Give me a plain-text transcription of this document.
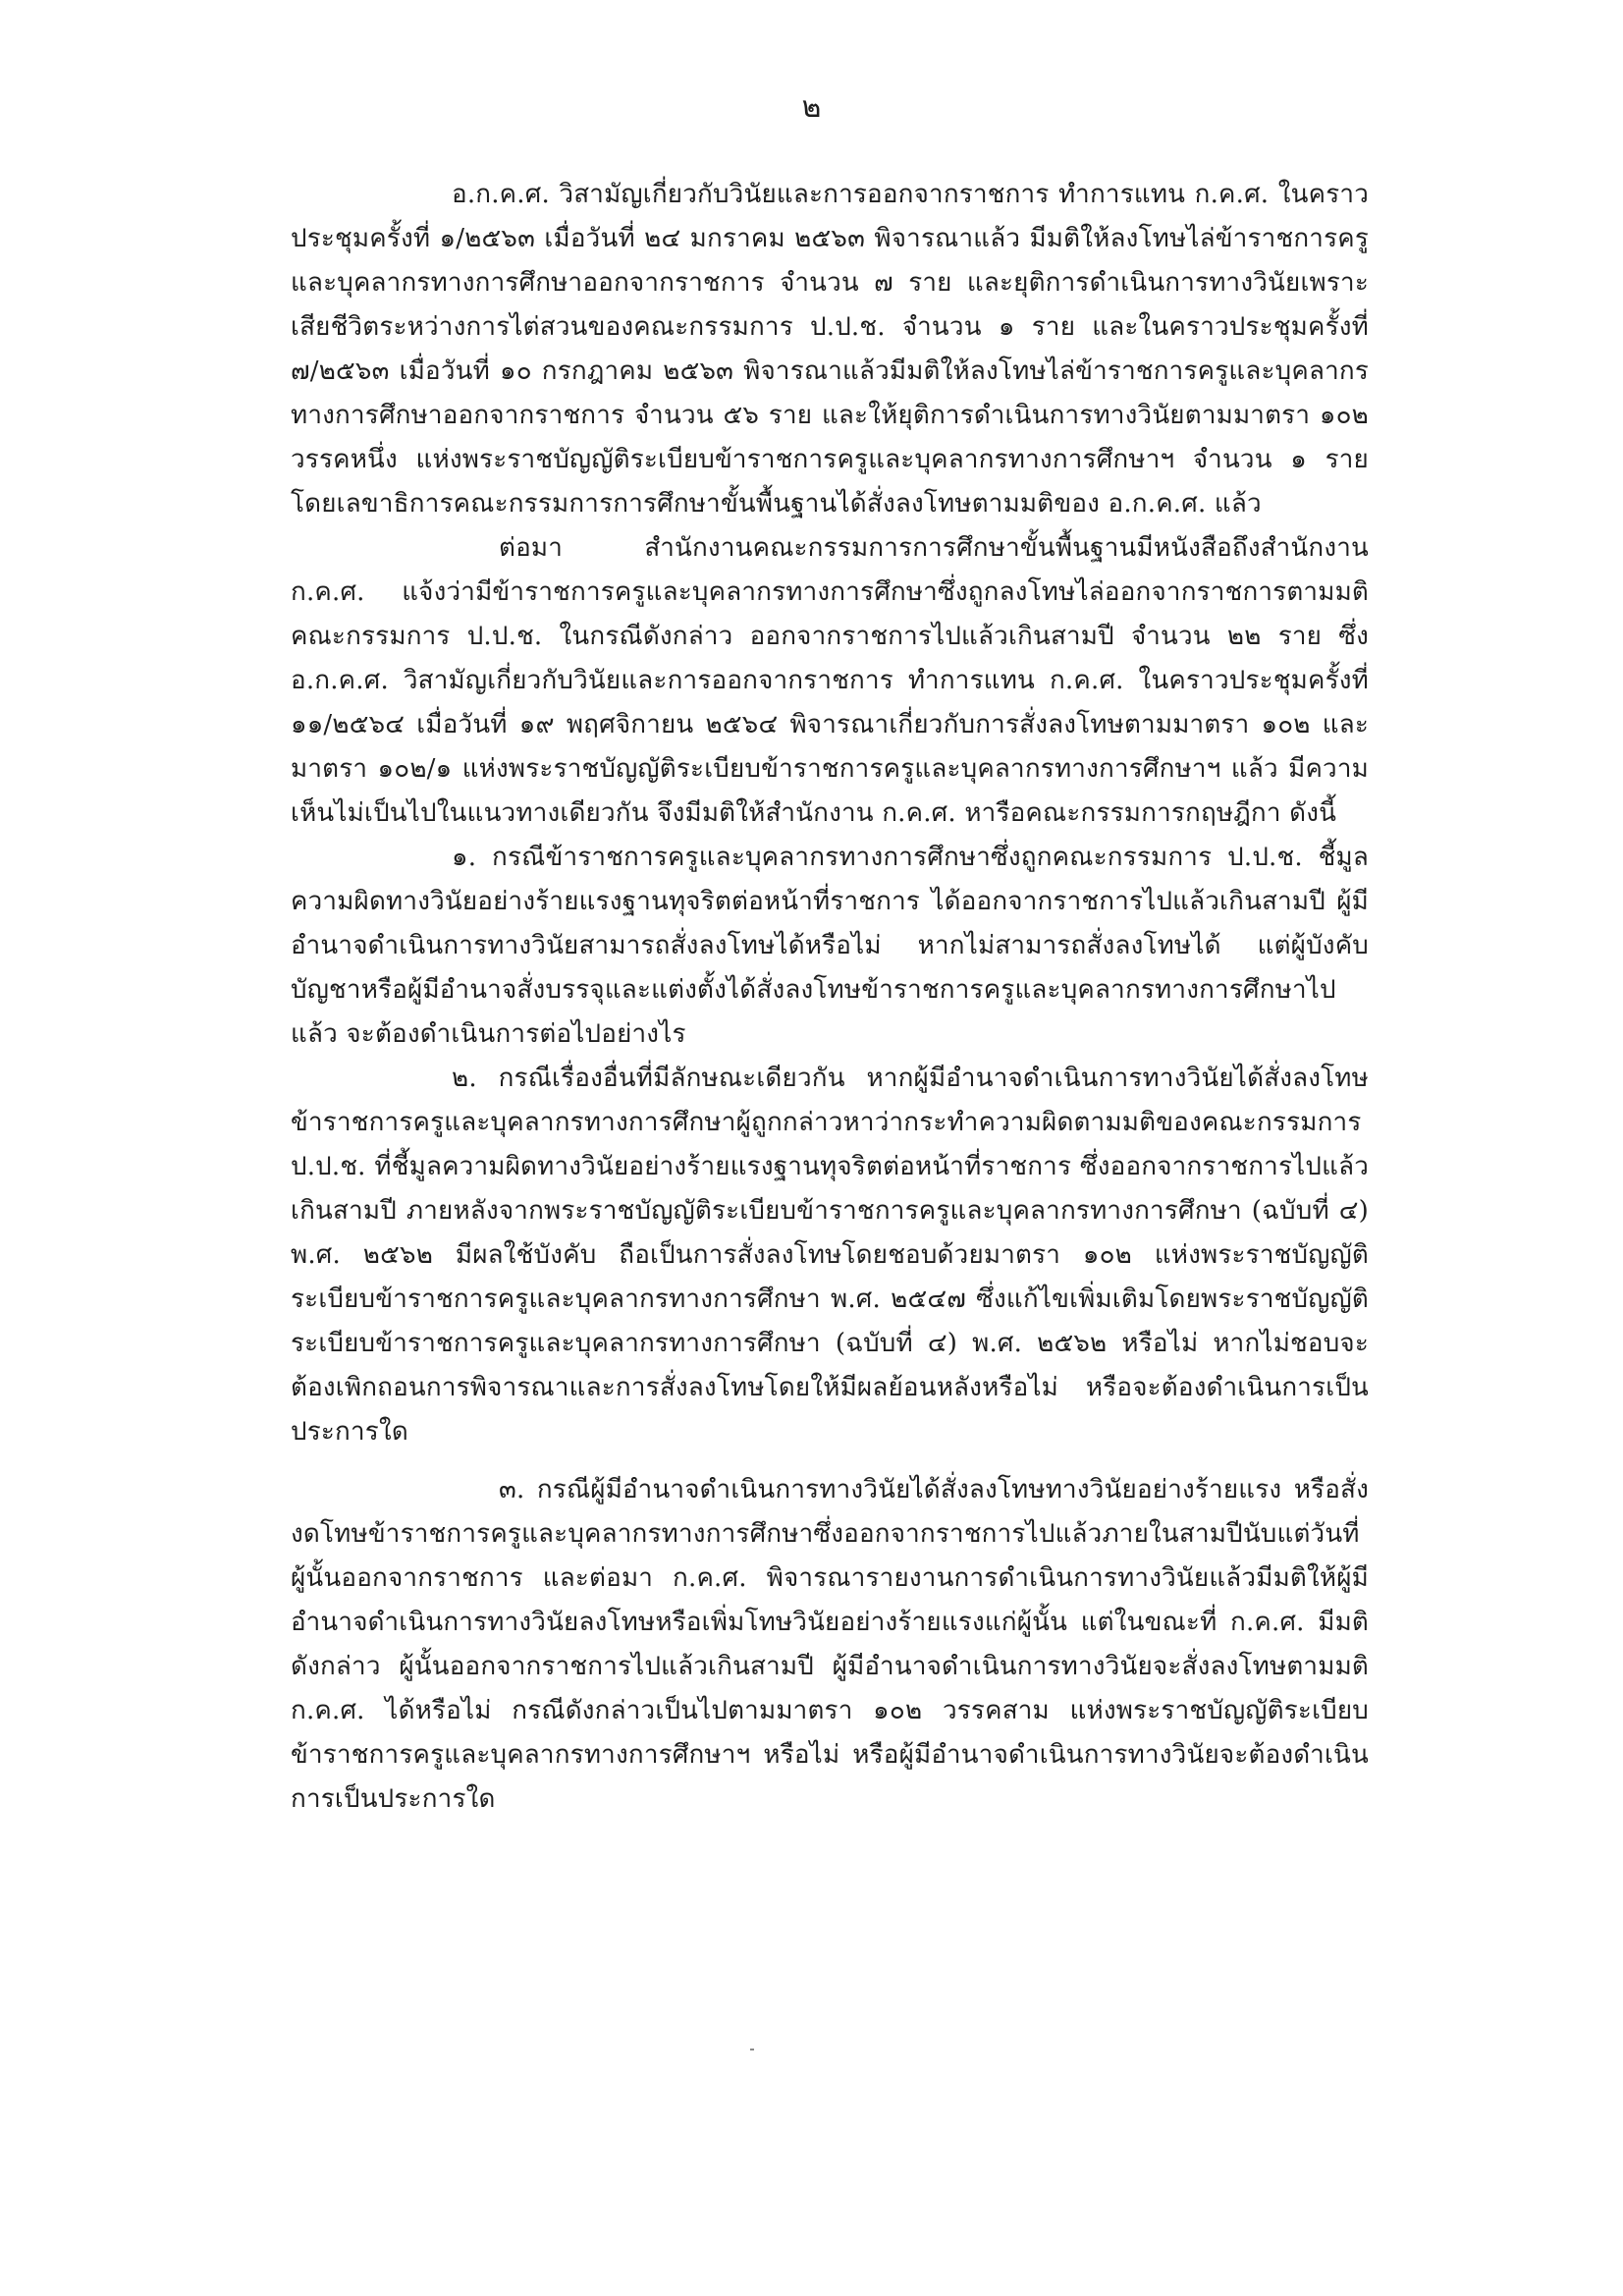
๒

อ.ก.ค.ศ. วิสามัญเกี่ยวกับวินัยและการออกจากราชการ ทำการแทน ก.ค.ศ. ในคราวประชุมครั้งที่ ๑/๒๕๖๓ เมื่อวันที่ ๒๔ มกราคม ๒๕๖๓ พิจารณาแล้ว มีมติให้ลงโทษไล่ข้าราชการครูและบุคลากรทางการศึกษาออกจากราชการ จำนวน ๗ ราย และยุติการดำเนินการทางวินัยเพราะเสียชีวิตระหว่างการไต่สวนของคณะกรรมการ ป.ป.ช. จำนวน ๑ ราย และในคราวประชุมครั้งที่ ๗/๒๕๖๓ เมื่อวันที่ ๑๐ กรกฎาคม ๒๕๖๓ พิจารณาแล้วมีมติให้ลงโทษไล่ข้าราชการครูและบุคลากรทางการศึกษาออกจากราชการ จำนวน ๕๖ ราย และให้ยุติการดำเนินการทางวินัยตามมาตรา ๑๐๒ วรรคหนึ่ง แห่งพระราชบัญญัติระเบียบข้าราชการครูและบุคลากรทางการศึกษาฯ จำนวน ๑ ราย โดยเลขาธิการคณะกรรมการการศึกษาขั้นพื้นฐานได้สั่งลงโทษตามมติของ อ.ก.ค.ศ. แล้ว

ต่อมา สำนักงานคณะกรรมการการศึกษาขั้นพื้นฐานมีหนังสือถึงสำนักงาน ก.ค.ศ. แจ้งว่ามีข้าราชการครูและบุคลากรทางการศึกษาซึ่งถูกลงโทษไล่ออกจากราชการตามมติคณะกรรมการ ป.ป.ช. ในกรณีดังกล่าว ออกจากราชการไปแล้วเกินสามปี จำนวน ๒๒ ราย ซึ่ง อ.ก.ค.ศ. วิสามัญเกี่ยวกับวินัยและการออกจากราชการ ทำการแทน ก.ค.ศ. ในคราวประชุมครั้งที่ ๑๑/๒๕๖๔ เมื่อวันที่ ๑๙ พฤศจิกายน ๒๕๖๔ พิจารณาเกี่ยวกับการสั่งลงโทษตามมาตรา ๑๐๒ และมาตรา ๑๐๒/๑ แห่งพระราชบัญญัติระเบียบข้าราชการครูและบุคลากรทางการศึกษาฯ แล้ว มีความเห็นไม่เป็นไปในแนวทางเดียวกัน จึงมีมติให้สำนักงาน ก.ค.ศ. หารือคณะกรรมการกฤษฎีกา ดังนี้

๑. กรณีข้าราชการครูและบุคลากรทางการศึกษาซึ่งถูกคณะกรรมการ ป.ป.ช. ชี้มูลความผิดทางวินัยอย่างร้ายแรงฐานทุจริตต่อหน้าที่ราชการ ได้ออกจากราชการไปแล้วเกินสามปี ผู้มีอำนาจดำเนินการทางวินัยสามารถสั่งลงโทษได้หรือไม่ หากไม่สามารถสั่งลงโทษได้ แต่ผู้บังคับบัญชาหรือผู้มีอำนาจสั่งบรรจุและแต่งตั้งได้สั่งลงโทษข้าราชการครูและบุคลากรทางการศึกษาไปแล้ว จะต้องดำเนินการต่อไปอย่างไร

๒. กรณีเรื่องอื่นที่มีลักษณะเดียวกัน หากผู้มีอำนาจดำเนินการทางวินัยได้สั่งลงโทษข้าราชการครูและบุคลากรทางการศึกษาผู้ถูกกล่าวหาว่ากระทำความผิดตามมติของคณะกรรมการ ป.ป.ช. ที่ชี้มูลความผิดทางวินัยอย่างร้ายแรงฐานทุจริตต่อหน้าที่ราชการ ซึ่งออกจากราชการไปแล้วเกินสามปี ภายหลังจากพระราชบัญญัติระเบียบข้าราชการครูและบุคลากรทางการศึกษา (ฉบับที่ ๔) พ.ศ. ๒๕๖๒ มีผลใช้บังคับ ถือเป็นการสั่งลงโทษโดยชอบด้วยมาตรา ๑๐๒ แห่งพระราชบัญญัติระเบียบข้าราชการครูและบุคลากรทางการศึกษา พ.ศ. ๒๕๔๗ ซึ่งแก้ไขเพิ่มเติมโดยพระราชบัญญัติระเบียบข้าราชการครูและบุคลากรทางการศึกษา (ฉบับที่ ๔) พ.ศ. ๒๕๖๒ หรือไม่ หากไม่ชอบจะต้องเพิกถอนการพิจารณาและการสั่งลงโทษโดยให้มีผลย้อนหลังหรือไม่ หรือจะต้องดำเนินการเป็นประการใด

๓. กรณีผู้มีอำนาจดำเนินการทางวินัยได้สั่งลงโทษทางวินัยอย่างร้ายแรง หรือสั่งงดโทษข้าราชการครูและบุคลากรทางการศึกษาซึ่งออกจากราชการไปแล้วภายในสามปีนับแต่วันที่ผู้นั้นออกจากราชการ และต่อมา ก.ค.ศ. พิจารณารายงานการดำเนินการทางวินัยแล้วมีมติให้ผู้มีอำนาจดำเนินการทางวินัยลงโทษหรือเพิ่มโทษวินัยอย่างร้ายแรงแก่ผู้นั้น แต่ในขณะที่ ก.ค.ศ. มีมติดังกล่าว ผู้นั้นออกจากราชการไปแล้วเกินสามปี ผู้มีอำนาจดำเนินการทางวินัยจะสั่งลงโทษตามมติ ก.ค.ศ. ได้หรือไม่ กรณีดังกล่าวเป็นไปตามมาตรา ๑๐๒ วรรคสาม แห่งพระราชบัญญัติระเบียบข้าราชการครูและบุคลากรทางการศึกษาฯ หรือไม่ หรือผู้มีอำนาจดำเนินการทางวินัยจะต้องดำเนินการเป็นประการใด
